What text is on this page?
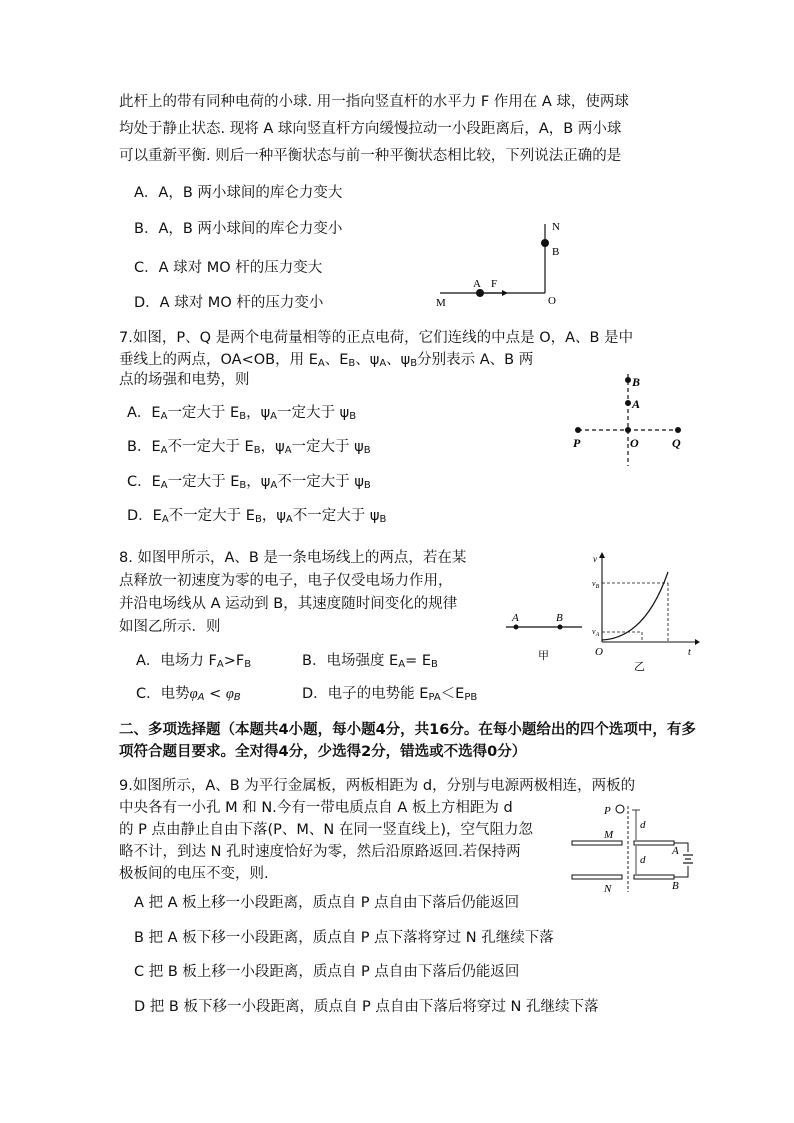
此杆上的带有同种电荷的小球. 用一指向竖直杆的水平力 F 作用在 A 球，使两球
均处于静止状态. 现将 A 球向竖直杆方向缓慢拉动一小段距离后，A，B 两小球
可以重新平衡. 则后一种平衡状态与前一种平衡状态相比较，下列说法正确的是
A．A，B 两小球间的库仑力变大
B．A，B 两小球间的库仑力变小
C．A 球对 MO 杆的压力变大
D．A 球对 MO 杆的压力变小
N
B
A F
M	O
7.如图，P、Q 是两个电荷量相等的正点电荷，它们连线的中点是 O，A、B 是中
垂线上的两点，OA<OB，用 $E_A$、$E_B$、$\psi_A$、$\psi_B$分别表示 A、B 两
点的场强和电势，则
A．$E_A$一定大于 $E_B$，$\psi_A$一定大于 $\psi_B$
B．$E_A$不一定大于 $E_B$，$\psi_A$一定大于 $\psi_B$
C．$E_A$一定大于 $E_B$，$\psi_A$不一定大于 $\psi_B$
D．$E_A$不一定大于 $E_B$，$\psi_A$不一定大于 $\psi_B$
B
A
P	O	Q
8. 如图甲所示，A、B 是一条电场线上的两点，若在某
点释放一初速度为零的电子，电子仅受电场力作用，
并沿电场线从 A 运动到 B，其速度随时间变化的规律
如图乙所示．则
A．电场力 $F_A>F_B$	B．电场强度 $E_A= E_B$
C．电势$\varphi_A < \varphi_B$	D．电子的电势能 $E_{PA}<E_{PB}$
A	B
甲
v
$v_B$
$v_A$
O	t
乙
二、多项选择题（本题共4小题，每小题4分，共16分。在每小题给出的四个选项中，有多
项符合题目要求。全对得4分，少选得2分，错选或不选得0分）
9.如图所示，A、B 为平行金属板，两板相距为 d，分别与电源两极相连，两板的
中央各有一小孔 M 和 N.今有一带电质点自 A 板上方相距为 d
的 P 点由静止自由下落(P、M、N 在同一竖直线上)，空气阻力忽
略不计，到达 N 孔时速度恰好为零，然后沿原路返回.若保持两
极板间的电压不变，则.
A 把 A 板上移一小段距离，质点自 P 点自由下落后仍能返回
B 把 A 板下移一小段距离，质点自 P 点下落将穿过 N 孔继续下落
C 把 B 板上移一小段距离，质点自 P 点自由下落后仍能返回
D 把 B 板下移一小段距离，质点自 P 点自由下落后将穿过 N 孔继续下落
P
M
N
d
d
A
B
